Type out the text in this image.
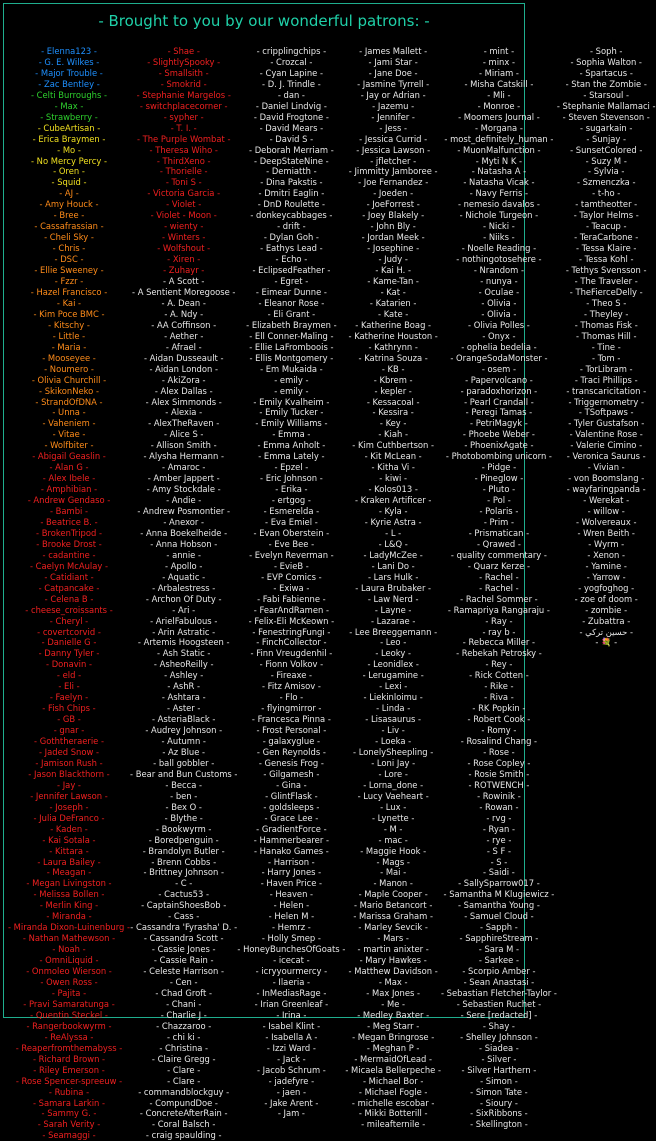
- Brought to you by our wonderful patrons: -
- Elenna123 -
- G. E. Wilkes -
- Major Trouble -
- Zac Bentley -
- Celti Burroughs -
- Max -
- Strawberry -
- CubeArtisan -
- Erica Braymen -
- Mo -
- No Mercy Percy -
- Oren -
- Squid -
- AJ -
- Amy Houck -
- Bree -
- Cassafrassian -
- Cheli Sky -
- Chris -
- DSC -
- Ellie Sweeney -
- Fzzr -
- Hazel Francisco -
- Kai -
- Kim Poce BMC -
- Kitschy -
- Little -
- Maria -
- Mooseyee -
- Noumero -
- Olivia Churchill -
- SkikonNeko -
- StrandOfDNA -
- Unna -
- Vaheniem -
- Vitae -
- Wolfbiter -
- Abigail Geaslin -
- Alan G -
- Alex Ibele -
- Amphibian -
- Andrew Gendaso -
- Bambi -
- Beatrice B. -
- BrokenTripod -
- Brooke Drost -
- cadantine -
- Caelyn McAulay -
- Catidiant -
- Catpancake -
- Celena B -
- cheese_croissants -
- Cheryl -
- covertcorvid -
- Danielle G -
- Danny Tyler -
- Donavin -
- eld -
- Eli -
- Faelyn -
- Fish Chips -
- GB -
- gnar -
- Goththeraerie -
- Jaded Snow -
- Jamison Rush -
- Jason Blackthorn -
- Jay -
- Jennifer Lawson -
- Joseph -
- Julia DeFranco -
- Kaden -
- Kai Sotala -
- Kittara -
- Laura Bailey -
- Meagan -
- Megan Livingston -
- Melissa Bollen -
- Merlin King -
- Miranda -
- Miranda Dixon-Luinenburg -
- Nathan Mathewson -
- Noah -
- OmniLiquid -
- Onmoleo Wierson -
- Owen Ross -
- Pajita -
- Pravi Samaratunga -
- Quentin Steckel -
- Rangerbookwyrm -
- ReAlyssa -
- Reaperfromthemabyss -
- Richard Brown -
- Riley Emerson -
- Rose Spencer-spreeuw -
- Rubina -
- Samara Larkin -
- Sammy G. -
- Sarah Verity -
- Seamaggi -
- Shae -
- SlightlySpooky -
- Smallsith -
- Smokrid -
- Stephanie Margelos -
- switchplacecorner -
- sypher -
- T. I. -
- The Purple Wombat -
- Theresa Wiho -
- ThirdXeno -
- Thorielle -
- Toni S -
- Victoria Garcia -
- Violet -
- Violet - Moon -
- wienty -
- Winters -
- Wolfshout -
- Xiren -
- Zuhayr -
- A Scott -
- A Sentient Moregoose -
- A. Dean -
- A. Ndy -
- AA Coffinson -
- Aether -
- Afrael -
- Aidan Dusseault -
- Aidan London -
- AkiZora -
- Alex Dallas -
- Alex Simmonds -
- Alexia -
- AlexTheRaven -
- Alice S -
- Allison Smith -
- Alysha Hermann -
- Amaroc -
- Amber Jappert -
- Amy Stockdale -
- Andie -
- Andrew Posmontier -
- Anexor -
- Anna Boekelheide -
- Anna Hobson -
- annie -
- Apollo -
- Aquatic -
- Arbalestress -
- Archon Of Duty -
- Ari -
- ArielFabulous -
- Arin Astratic -
- Artemis Hoogsteen -
- Ash Static -
- AsheoReilly -
- Ashley -
- AshR -
- Ashtara -
- Aster -
- AsteriaBlack -
- Audrey Johnson -
- Autumn -
- Az Blue -
- ball gobbler -
- Bear and Bun Customs -
- Becca -
- ben -
- Bex O -
- Blythe -
- Bookwyrm -
- Boredpenguin -
- Brandolyn Butler -
- Brenn Cobbs -
- Brittney Johnson -
- C -
- Cactus53 -
- CaptainShoesBob -
- Cass -
- Cassandra 'Fyrasha' D. -
- Cassandra Scott -
- Cassie Jones -
- Cassie Rain -
- Celeste Harrison -
- Cen -
- Chad Groft -
- Chani -
- Charlie J -
- Chazzaroo -
- chi ki -
- Christina -
- Claire Gregg -
- Clare -
- Clare -
- commandblockguy -
- CompundDoe -
- ConcreteAfterRain -
- Coral Balsch -
- craig spaulding -
- cripplingchips -
- Crozcal -
- Cyan Lapine -
- D. J. Trindle -
- dan -
- Daniel Lindvig -
- David Frogtone -
- David Mears -
- David S -
- Deborah Merriam -
- DeepStateNine -
- Demiatth -
- Dina Pakstis -
- Dmitri Eaglin -
- DnD Roulette -
- donkeycabbages -
- drift -
- Dylan Goh -
- Eathys Lead -
- Echo -
- EclipsedFeather -
- Egret -
- Eimear Dunne -
- Eleanor Rose -
- Eli Grant -
- Elizabeth Braymen -
- Ell Conner-Maling -
- Ellie LaFromboois -
- Ellis Montgomery -
- Em Mukaida -
- emily -
- emily -
- Emily Kvalheim -
- Emily Tucker -
- Emily Williams -
- Emma -
- Emma Anholt -
- Emma Lately -
- Epzel -
- Eric Johnson -
- Erika -
- ertgog -
- Esmerelda -
- Eva Emiel -
- Evan Oberstein -
- Eve Bee -
- Evelyn Reverman -
- EvieB -
- EVP Comics -
- Exiwa -
- Fabi Fabienne -
- FearAndRamen -
- Felix-Eli McKeown -
- FenestringFungi -
- FinchCollector -
- Finn Vreugdenhil -
- Fionn Volkov -
- Fireaxe -
- Fitz Amisov -
- Flo -
- flyingmirror -
- Francesca Pinna -
- Frost Personal -
- galaxyglue -
- Gen Reynolds -
- Genesis Frog -
- Gilgamesh -
- Gina -
- GlintFlask -
- goldsleeps -
- Grace Lee -
- GradientForce -
- Hammerbearer -
- Hanako Games -
- Harrison -
- Harry Jones -
- Haven Price -
- Heaven -
- Helen -
- Helen M -
- Hemrz -
- Holly Smep -
- HoneyBunchesOfGoats -
- icecat -
- icryyourmercy -
- Ilaeria -
- InMediasRage -
- Irian Greenleaf -
- Irina -
- Isabel Klint -
- Isabella A -
- Izzi Ward -
- Jack -
- Jacob Schrum -
- jadefyre -
- jaen -
- Jake Arent -
- Jam -
- James Mallett -
- Jami Star -
- Jane Doe -
- Jasmine Tyrrell -
- Jay or Adrian -
- Jazemu -
- Jennifer -
- Jess -
- Jessica Currid -
- Jessica Lawson -
- jfletcher -
- Jimmitty Jamboree -
- Joe Fernandez -
- Joeden -
- JoeForrest -
- Joey Blakely -
- John Bly -
- Jordan Meek -
- Josephine -
- Judy -
- Kai H. -
- Kame-Tan -
- Kat -
- Katarien -
- Kate -
- Katherine Boag -
- Katherine Houston -
- Kathrynn -
- Katrina Souza -
- KB -
- Kbrem -
- kepler -
- Kessacoal -
- Kessira -
- Key -
- Kiah -
- Kim Cuthbertson -
- Kit McLean -
- Kitha Vi -
- kiwi -
- Kolos013 -
- Kraken Artificer -
- Kyla -
- Kyrie Astra -
- L -
- L&Q -
- LadyMcZee -
- Lani Do -
- Lars Hulk -
- Laura Brubaker -
- Law Nerd -
- Layne -
- Lazarae -
- Lee Breeggemann -
- Leo -
- Leoky -
- Leonidlex -
- Lerugamine -
- Lexi -
- Liekinloimu -
- Linda -
- Lisasaurus -
- Liv -
- Loeka -
- LonelySheepling -
- Loni Jay -
- Lore -
- Lorna_done -
- Lucy Vaeheart -
- Lux -
- Lynette -
- M -
- mac -
- Maggie Hook -
- Mags -
- Mai -
- Manon -
- Maple Cooper -
- Mario Betancort -
- Marissa Graham -
- Marley Sevcik -
- Mars -
- martin anixter -
- Mary Hawkes -
- Matthew Davidson -
- Max -
- Max Jones -
- Me -
- Medley Baxter -
- Meg Starr -
- Megan Bringrose -
- Meghan P -
- MermaidOfLead -
- Micaela Bellerpeche -
- Michael Bor -
- Michael Fogle -
- michelle escobar -
- Mikki Botterill -
- mileafternile -
- mint -
- minx -
- Miriam -
- Misha Catskill -
- Mli -
- Monroe -
- Moomers Journal -
- Morgana -
- most_definitely_human -
- MuonMalfunction -
- Myti N K -
- Natasha A -
- Natasha Vicak -
- Navy Ferris -
- nemesio davalos -
- Nichole Turgeon -
- Nicki -
- Niiks -
- Noelle Reading -
- nothingotosehere -
- Nrandom -
- nunya -
- Oculae -
- Olivia -
- Olivia -
- Olivia Polles -
- Onyx -
- ophelia bedelia -
- OrangeSodaMonster -
- osem -
- Papervolcano -
- paradoxhorizon -
- Pearl Crandall -
- Peregi Tamas -
- PetriMagyk -
- Phoebe Weber -
- PhoenixAgate -
- Photobombing unicorn -
- Pidge -
- Pineglow -
- Pluto -
- Pol -
- Polaris -
- Prim -
- Prismatican -
- Qrawed -
- quality commentary -
- Quarz Kerze -
- Rachel -
- Rachel -
- Rachel Sommer -
- Ramapriya Rangaraju -
- Ray -
- ray b -
- Rebecca Miller -
- Rebekah Petrosky -
- Rey -
- Rick Cotten -
- Rike -
- Riva -
- RK Popkin -
- Robert Cook -
- Romy -
- Rosalind Chang -
- Rose -
- Rose Copley -
- Rosie Smith -
- ROTWENCH -
- Rowinik -
- Rowan -
- rvg -
- Ryan -
- rye -
- S F -
- S -
- Saidi -
- SallySparrow017 -
- Samantha M Klugiewicz -
- Samantha Young -
- Samuel Cloud -
- Sapph -
- SapphireStream -
- Sara M -
- Sarkee -
- Scorpio Amber -
- Sean Anastasi -
- Sebastian Fletcher-Taylor -
- Sebastien Ruchet -
- Sere [redacted] -
- Shay -
- Shelley Johnson -
- Siadea -
- Silver -
- Silver Harthern -
- Simon -
- Simon Tate -
- Sioury -
- SixRibbons -
- Skellington -
- Soph -
- Sophia Walton -
- Spartacus -
- Stan the Zombie -
- Starsoul -
- Stephanie Mallamaci -
- Steven Stevenson -
- sugarkain -
- Sunjay -
- SunsetColored -
- Suzy M -
- Sylvia -
- Szmenczka -
- t-ho -
- tamtheotter -
- Taylor Helms -
- Teacup -
- TeraCarbone -
- Tessa Klaire -
- Tessa Kohl -
- Tethys Svensson -
- The Traveler -
- TheFierceDelly -
- Theo S -
- Theyley -
- Thomas Fisk -
- Thomas Hill -
- Tine -
- Tom -
- TorLibram -
- Traci Phillips -
- transcaricitation -
- Triggernometry -
- TSoftpaws -
- Tyler Gustafson -
- Valentine Rose -
- Valerie Cimino -
- Veronica Saurus -
- Vivian -
- von Boomslang -
- wayfaringpanda -
- Werekat -
- willow -
- Wolvereaux -
- Wren Beith -
- Wyrm -
- Xenon -
- Yamine -
- Yarrow -
- yogfoghog -
- zoe of doom -
- zombie -
- Zubattra -
- حسين تركي -
- 💐 -
